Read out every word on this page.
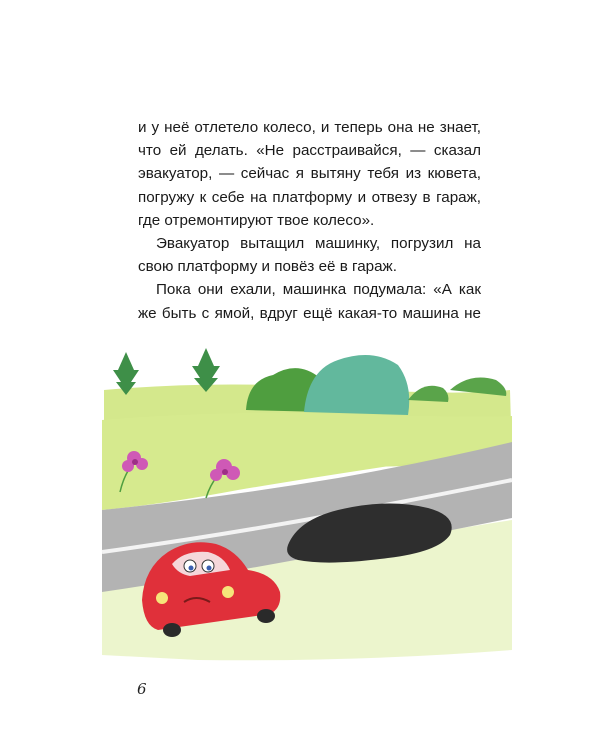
и у неё отлетело колесо, и теперь она не знает, что ей делать. «Не расстраивайся, — сказал эвакуатор, — сейчас я вытяну тебя из кювета, погружу к себе на платформу и отвезу в гараж, где отремонтируют твое колесо».

Эвакуатор вытащил машинку, погрузил на свою платформу и повёз её в гараж.

Пока они ехали, машинка подумала: «А как же быть с ямой, вдруг ещё какая-то машина не

6
